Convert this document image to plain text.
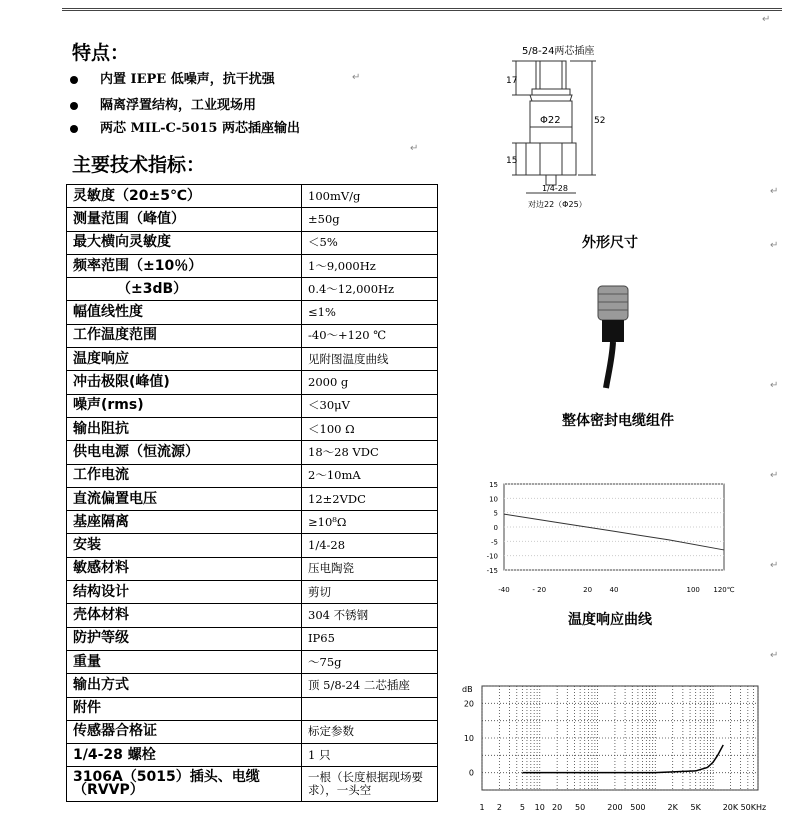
↵
特点：
内置 IEPE 低噪声，抗干扰强
隔离浮置结构，工业现场用
两芯 MIL-C-5015 两芯插座输出
主要技术指标：
灵敏度（20±5℃）	100mV/g
测量范围（峰值）	±50g
最大横向灵敏度	＜5%
频率范围（±10％）	1～9,000Hz
（±3dB）	0.4～12,000Hz
幅值线性度	≤1%
工作温度范围	-40～+120 ℃
温度响应	见附图温度曲线
冲击极限(峰值)	2000 g
噪声(rms)	＜30μV
输出阻抗	＜100 Ω
供电电源（恒流源）	18～28 VDC
工作电流	2～10mA
直流偏置电压	12±2VDC
基座隔离	≥10⁸Ω
安装	1/4-28
敏感材料	压电陶瓷
结构设计	剪切
壳体材料	304 不锈钢
防护等级	IP65
重量	～75g
输出方式	顶 5/8-24 二芯插座
附件	
传感器合格证	标定参数
1/4-28 螺栓	1 只
3106A（5015）插头、电缆（RVVP）	一根（长度根据现场要求），一头空
5/8-24两芯插座
17
52
15
Φ22
1/4-28
对边22（Φ25）
外形尺寸
整体密封电缆组件
15
10
5
0
-5
-10
-15
-40	- 20	20 40	100 120℃
温度响应曲线
dB
20
10
0
1 2 5 10 20 50	200 500	2K 5K	20K 50KHz
↵
↵
↵
↵
↵
↵
↵
↵
